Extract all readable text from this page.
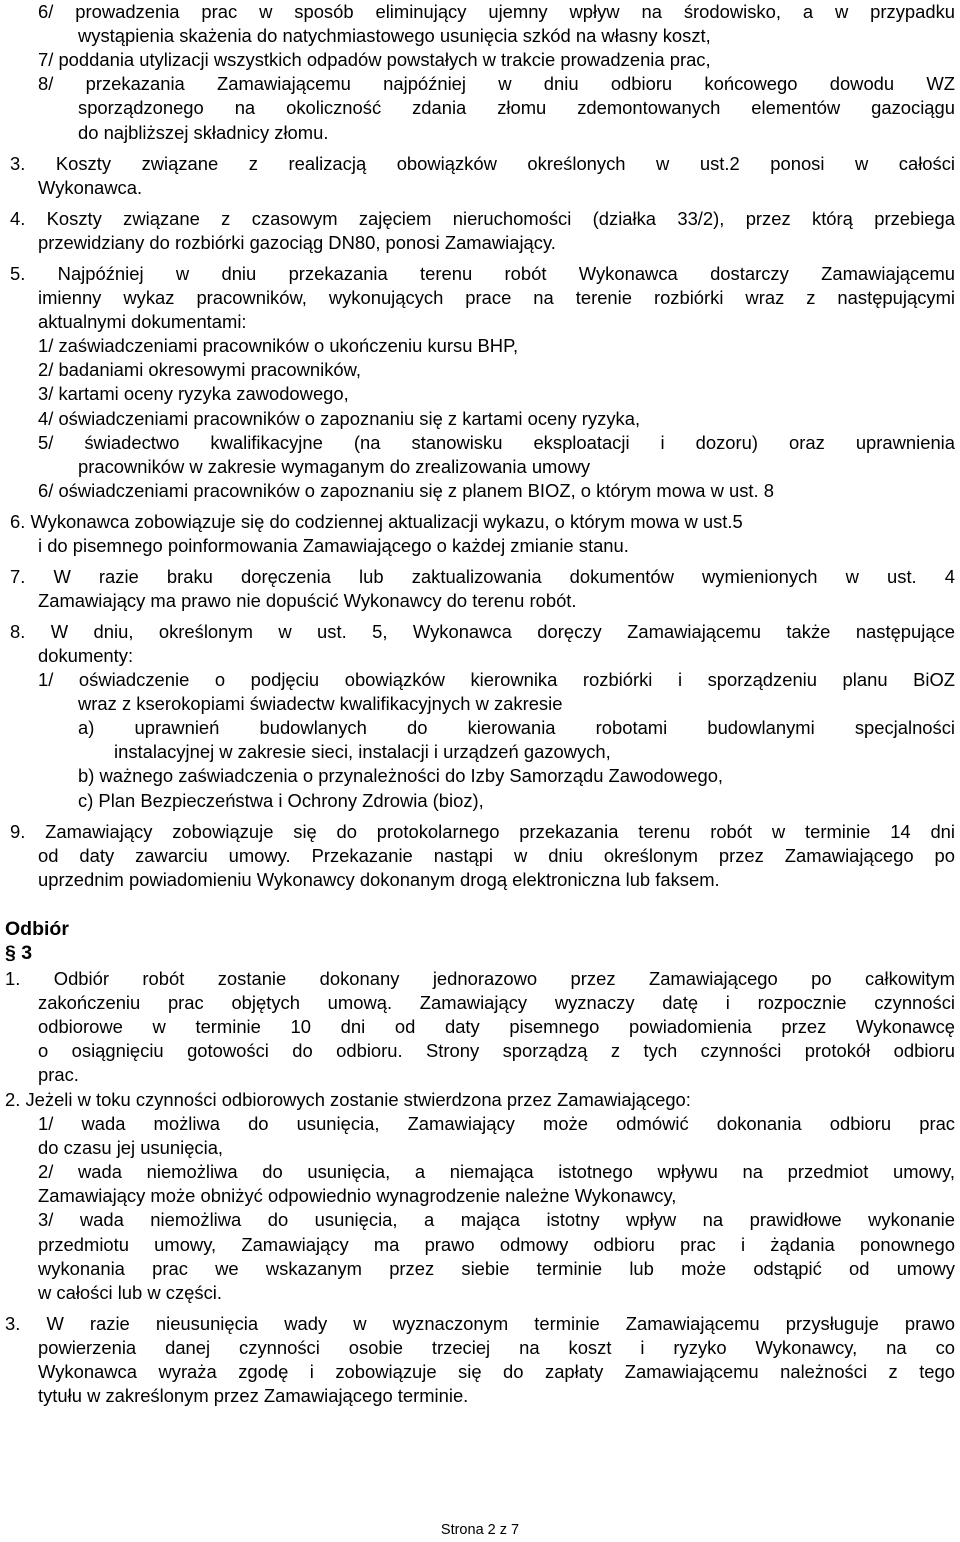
6/ prowadzenia prac w sposób eliminujący ujemny wpływ na środowisko, a w przypadku
wystąpienia skażenia do natychmiastowego usunięcia szkód na własny koszt,
7/ poddania utylizacji wszystkich odpadów powstałych w trakcie prowadzenia prac,
8/ przekazania Zamawiającemu najpóźniej w dniu odbioru końcowego dowodu WZ
sporządzonego na okoliczność zdania złomu zdemontowanych elementów gazociągu
do najbliższej składnicy złomu.
3. Koszty związane z realizacją obowiązków określonych w ust.2 ponosi w całości
Wykonawca.
4. Koszty związane z czasowym zajęciem nieruchomości (działka 33/2), przez którą przebiega
przewidziany do rozbiórki gazociąg DN80, ponosi Zamawiający.
5. Najpóźniej w dniu przekazania terenu robót Wykonawca dostarczy Zamawiającemu
imienny wykaz pracowników, wykonujących prace na terenie rozbiórki wraz z następującymi
aktualnymi dokumentami:
1/ zaświadczeniami pracowników o ukończeniu kursu BHP,
2/ badaniami okresowymi pracowników,
3/ kartami oceny ryzyka zawodowego,
4/ oświadczeniami pracowników o zapoznaniu się z kartami oceny ryzyka,
5/ świadectwo kwalifikacyjne (na stanowisku eksploatacji i dozoru) oraz uprawnienia
pracowników w zakresie wymaganym do zrealizowania umowy
6/ oświadczeniami pracowników o zapoznaniu się z planem BIOZ, o którym mowa w ust. 8
6. Wykonawca zobowiązuje się do codziennej aktualizacji wykazu, o którym mowa w ust.5
i do pisemnego poinformowania Zamawiającego o każdej zmianie stanu.
7. W razie braku doręczenia lub zaktualizowania dokumentów wymienionych w ust. 4
Zamawiający ma prawo nie dopuścić Wykonawcy do terenu robót.
8. W dniu, określonym w ust. 5, Wykonawca doręczy Zamawiającemu także następujące
dokumenty:
1/ oświadczenie o podjęciu obowiązków kierownika rozbiórki i sporządzeniu planu BiOZ
wraz z kserokopiami świadectw kwalifikacyjnych w zakresie
a) uprawnień budowlanych do kierowania robotami budowlanymi specjalności
instalacyjnej w zakresie sieci, instalacji i urządzeń gazowych,
b) ważnego zaświadczenia o przynależności do Izby Samorządu Zawodowego,
c) Plan Bezpieczeństwa i Ochrony Zdrowia (bioz),
9. Zamawiający zobowiązuje się do protokolarnego przekazania terenu robót w terminie 14 dni
od daty zawarciu umowy. Przekazanie nastąpi w dniu określonym przez Zamawiającego po
uprzednim powiadomieniu Wykonawcy dokonanym drogą elektroniczna lub faksem.
Odbiór
§ 3
1. Odbiór robót zostanie dokonany jednorazowo przez Zamawiającego po całkowitym
zakończeniu prac objętych umową. Zamawiający wyznaczy datę i rozpocznie czynności
odbiorowe w terminie 10 dni od daty pisemnego powiadomienia przez Wykonawcę
o osiągnięciu gotowości do odbioru. Strony sporządzą z tych czynności protokół odbioru
prac.
2. Jeżeli w toku czynności odbiorowych zostanie stwierdzona przez Zamawiającego:
1/ wada możliwa do usunięcia, Zamawiający może odmówić dokonania odbioru prac
do czasu jej usunięcia,
2/ wada niemożliwa do usunięcia, a niemająca istotnego wpływu na przedmiot umowy,
Zamawiający może obniżyć odpowiednio wynagrodzenie należne Wykonawcy,
3/ wada niemożliwa do usunięcia, a mająca istotny wpływ na prawidłowe wykonanie
przedmiotu umowy, Zamawiający ma prawo odmowy odbioru prac i żądania ponownego
wykonania prac we wskazanym przez siebie terminie lub może odstąpić od umowy
w całości lub w części.
3. W razie nieusunięcia wady w wyznaczonym terminie Zamawiającemu przysługuje prawo
powierzenia danej czynności osobie trzeciej na koszt i ryzyko Wykonawcy, na co
Wykonawca wyraża zgodę i zobowiązuje się do zapłaty Zamawiającemu należności z tego
tytułu w zakreślonym przez Zamawiającego terminie.
Strona 2 z 7
